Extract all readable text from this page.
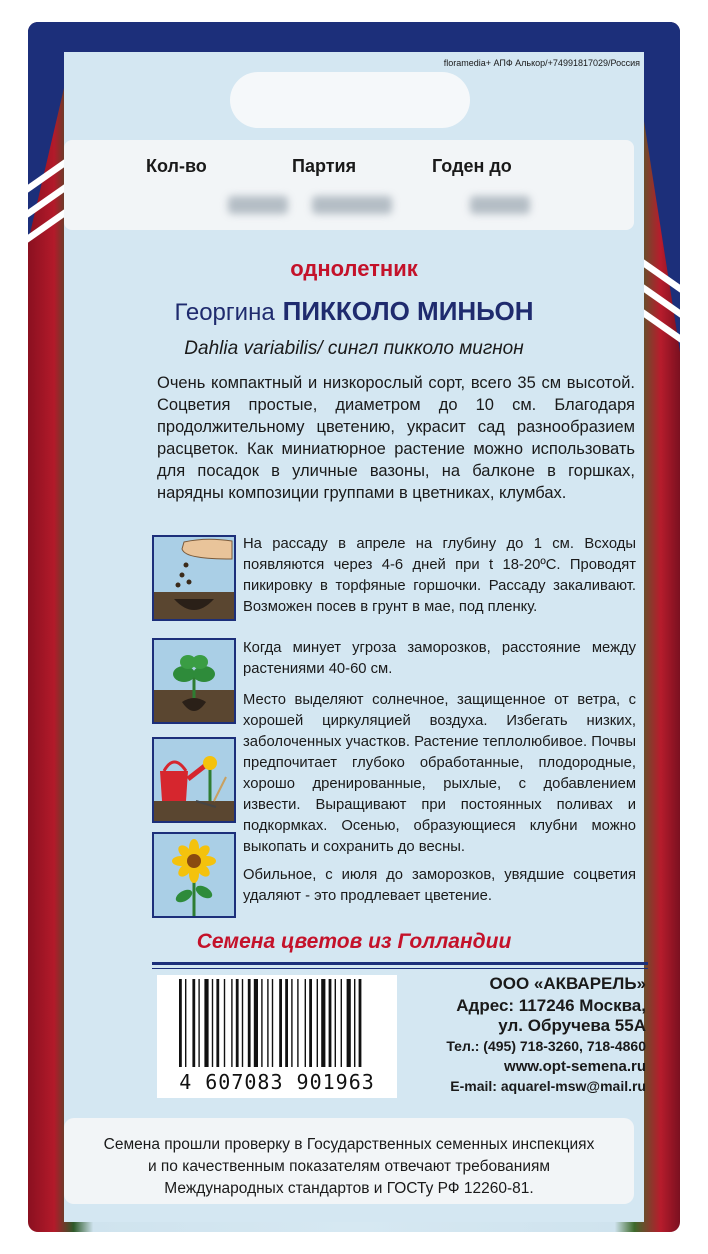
floramedia+ АПФ Алькор/+74991817029/Россия
Кол-во	Партия	Годен до
однолетник
Георгина ПИККОЛО МИНЬОН
Dahlia variabilis/ сингл пикколо мигнон
Очень компактный и низкорослый сорт, всего 35 см высотой. Соцветия простые, диаметром до 10 см. Благодаря продолжительному цветению, украсит сад разнообразием расцветок. Как миниатюрное растение можно использовать для посадок в уличные вазоны, на балконе в горшках, нарядны композиции группами в цветниках, клумбах.
На рассаду в апреле на глубину до 1 см. Всходы появляются через 4-6 дней при t 18-20ºС. Проводят пикировку в торфяные горшочки. Рассаду закаливают. Возможен посев в грунт в мае, под пленку.
Когда минует угроза заморозков, расстояние между растениями 40-60 см.
Место выделяют солнечное, защищенное от ветра, с хорошей циркуляцией воздуха. Избегать низких, заболоченных участков. Растение теплолюбивое. Почвы предпочитает глубоко обработанные, плодородные, хорошо дренированные, рыхлые, с добавлением извести. Выращивают при постоянных поливах и подкормках. Осенью, образующиеся клубни можно выкопать и сохранить до весны.
Обильное, с июля до заморозков, увядшие соцветия удаляют - это продлевает цветение.
Семена цветов из Голландии
4 607083 901963
ООО «АКВАРЕЛЬ»
Адрес: 117246 Москва,
ул. Обручева 55А
Тел.: (495) 718-3260, 718-4860
www.opt-semena.ru
E-mail: aquarel-msw@mail.ru
Семена прошли проверку в Государственных семенных инспекциях
и по качественным показателям отвечают требованиям
Международных стандартов и ГОСТу РФ 12260-81.
